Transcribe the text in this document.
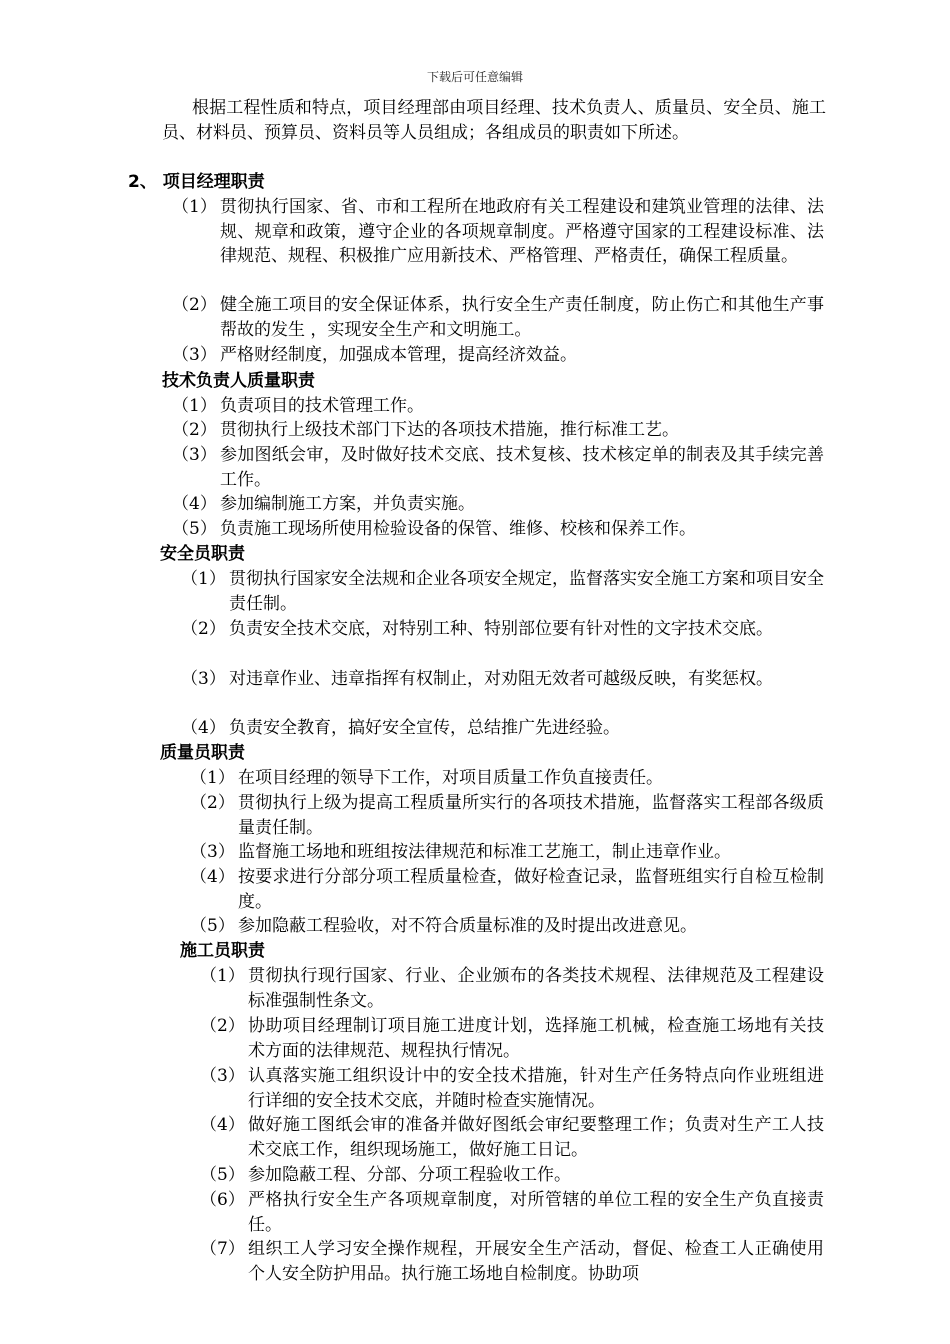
下载后可任意编辑
根据工程性质和特点，项目经理部由项目经理、技术负责人、质量员、安全员、施工员、材料员、预算员、资料员等人员组成；各组成员的职责如下所述。
2、 项目经理职责
（1） 贯彻执行国家、省、市和工程所在地政府有关工程建设和建筑业管理的法律、法规、规章和政策，遵守企业的各项规章制度。严格遵守国家的工程建设标准、法律规范、规程、积极推广应用新技术、严格管理、严格责任，确保工程质量。
（2） 健全施工项目的安全保证体系，执行安全生产责任制度，防止伤亡和其他生产事帮故的发生 ，实现安全生产和文明施工。
（3） 严格财经制度，加强成本管理，提高经济效益。
技术负责人质量职责
（1） 负责项目的技术管理工作。
（2） 贯彻执行上级技术部门下达的各项技术措施，推行标准工艺。
（3） 参加图纸会审，及时做好技术交底、技术复核、技术核定单的制表及其手续完善工作。
（4） 参加编制施工方案，并负责实施。
（5） 负责施工现场所使用检验设备的保管、维修、校核和保养工作。
安全员职责
（1） 贯彻执行国家安全法规和企业各项安全规定，监督落实安全施工方案和项目安全责任制。
（2） 负责安全技术交底，对特别工种、特别部位要有针对性的文字技术交底。
（3） 对违章作业、违章指挥有权制止，对劝阻无效者可越级反映，有奖惩权。
（4） 负责安全教育，搞好安全宣传，总结推广先进经验。
质量员职责
（1） 在项目经理的领导下工作，对项目质量工作负直接责任。
（2） 贯彻执行上级为提高工程质量所实行的各项技术措施，监督落实工程部各级质量责任制。
（3） 监督施工场地和班组按法律规范和标准工艺施工，制止违章作业。
（4） 按要求进行分部分项工程质量检查，做好检查记录，监督班组实行自检互检制度。
（5） 参加隐蔽工程验收，对不符合质量标准的及时提出改进意见。
施工员职责
（1） 贯彻执行现行国家、行业、企业颁布的各类技术规程、法律规范及工程建设标准强制性条文。
（2） 协助项目经理制订项目施工进度计划，选择施工机械，检查施工场地有关技术方面的法律规范、规程执行情况。
（3） 认真落实施工组织设计中的安全技术措施，针对生产任务特点向作业班组进行详细的安全技术交底，并随时检查实施情况。
（4） 做好施工图纸会审的准备并做好图纸会审纪要整理工作；负责对生产工人技术交底工作，组织现场施工，做好施工日记。
（5） 参加隐蔽工程、分部、分项工程验收工作。
（6） 严格执行安全生产各项规章制度，对所管辖的单位工程的安全生产负直接责任。
（7） 组织工人学习安全操作规程，开展安全生产活动，督促、检查工人正确使用个人安全防护用品。执行施工场地自检制度。协助项
